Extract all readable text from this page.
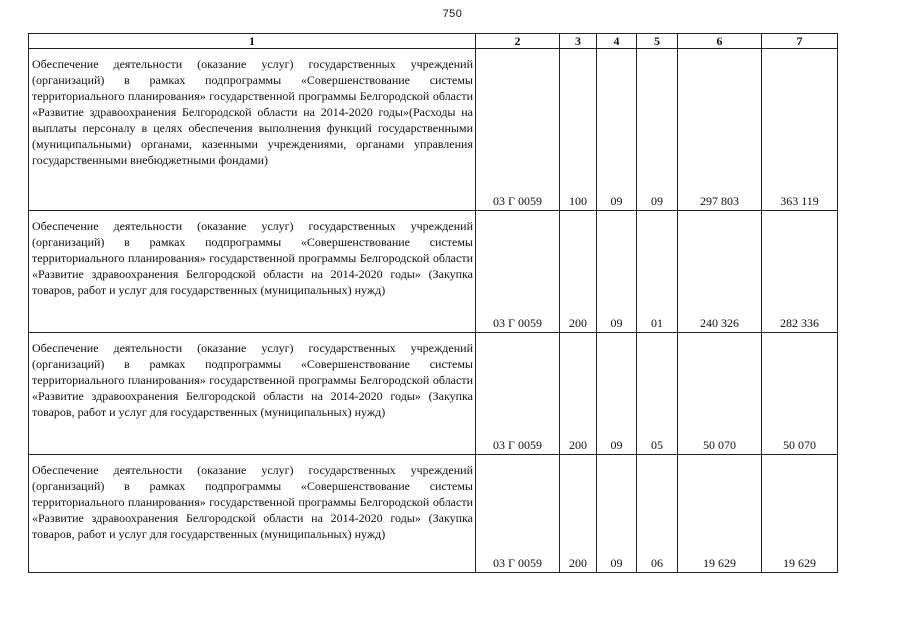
750
1	2	3	4	5	6	7
Обеспечение деятельности (оказание услуг) государственных учреждений (организаций) в рамках подпрограммы «Совершенствование системы территориального планирования» государственной программы Белгородской области «Развитие здравоохранения Белгородской области на 2014-2020 годы»(Расходы на выплаты персоналу в целях обеспечения выполнения функций государственными (муниципальными) органами, казенными учреждениями, органами управления государственными внебюджетными фондами)	03 Г 0059	100	09	09	297 803	363 119
Обеспечение деятельности (оказание услуг) государственных учреждений (организаций) в рамках подпрограммы «Совершенствование системы территориального планирования» государственной программы Белгородской области «Развитие здравоохранения Белгородской области на 2014-2020 годы» (Закупка товаров, работ и услуг для государственных (муниципальных) нужд)	03 Г 0059	200	09	01	240 326	282 336
Обеспечение деятельности (оказание услуг) государственных учреждений (организаций) в рамках подпрограммы «Совершенствование системы территориального планирования» государственной программы Белгородской области «Развитие здравоохранения Белгородской области на 2014-2020 годы» (Закупка товаров, работ и услуг для государственных (муниципальных) нужд)	03 Г 0059	200	09	05	50 070	50 070
Обеспечение деятельности (оказание услуг) государственных учреждений (организаций) в рамках подпрограммы «Совершенствование системы территориального планирования» государственной программы Белгородской области «Развитие здравоохранения Белгородской области на 2014-2020 годы» (Закупка товаров, работ и услуг для государственных (муниципальных) нужд)	03 Г 0059	200	09	06	19 629	19 629
